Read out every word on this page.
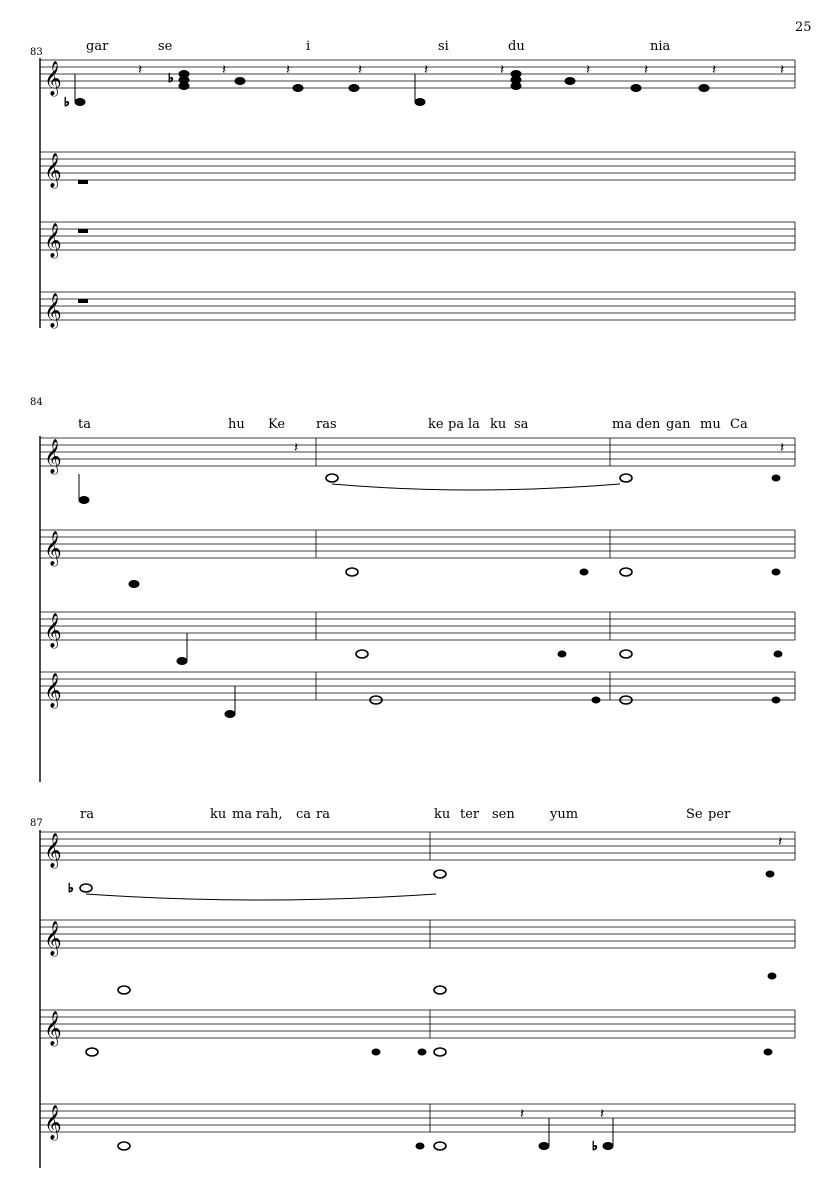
25
83	gar	se	i	si	du	nia
𝄞
♭
♭
𝄽	𝄽	𝄽	𝄽	𝄽	𝄽	𝄽	𝄽	𝄽	𝄽
𝄞
𝄞
𝄞
84
ta	hu Ke ras	ke pa la ku sa	ma den gan mu Ca
𝄞	𝄽	𝄽
𝄞
𝄞
𝄞
87
ra	ku ma rah, ca ra	ku ter sen	yum	Se per
𝄞
♭
𝄽
𝄞
𝄞
𝄞
♭
𝄽	𝄽
